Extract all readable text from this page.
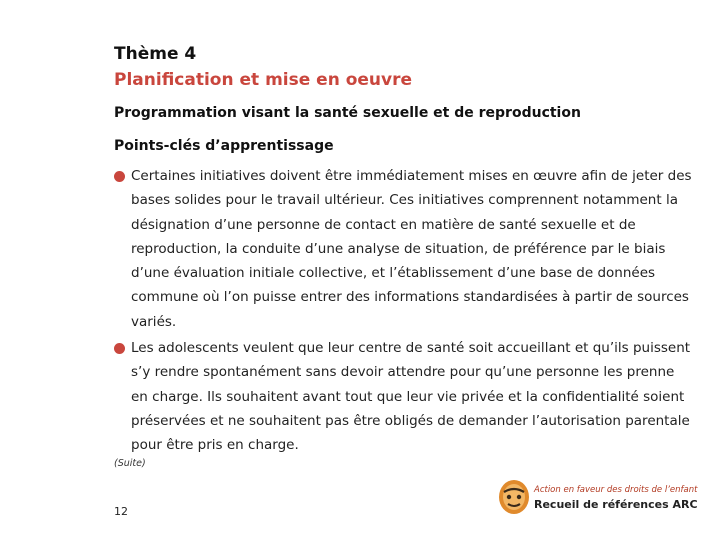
Thème 4
Planification et mise en oeuvre
Programmation visant la santé sexuelle et de reproduction
Points-clés d’apprentissage
Certaines initiatives doivent être immédiatement mises en œuvre afin de jeter des bases solides pour le travail ultérieur. Ces initiatives comprennent notamment la désignation d’une personne de contact en matière de santé sexuelle et de reproduction, la conduite d’une analyse de situation, de préférence par le biais d’une évaluation initiale collective, et l’établissement d’une base de données commune où l’on puisse entrer des informations standardisées à partir de sources variés.
Les adolescents veulent que leur centre de santé soit accueillant et qu’ils puissent s’y rendre spontanément sans devoir attendre pour qu’une personne les prenne en charge. Ils souhaitent avant tout que leur vie privée et la confidentialité soient préservées et ne souhaitent pas être obligés de demander l’autorisation parentale pour être pris en charge.

(Suite)

12

Action en faveur des droits de l’enfant
Recueil de références ARC
